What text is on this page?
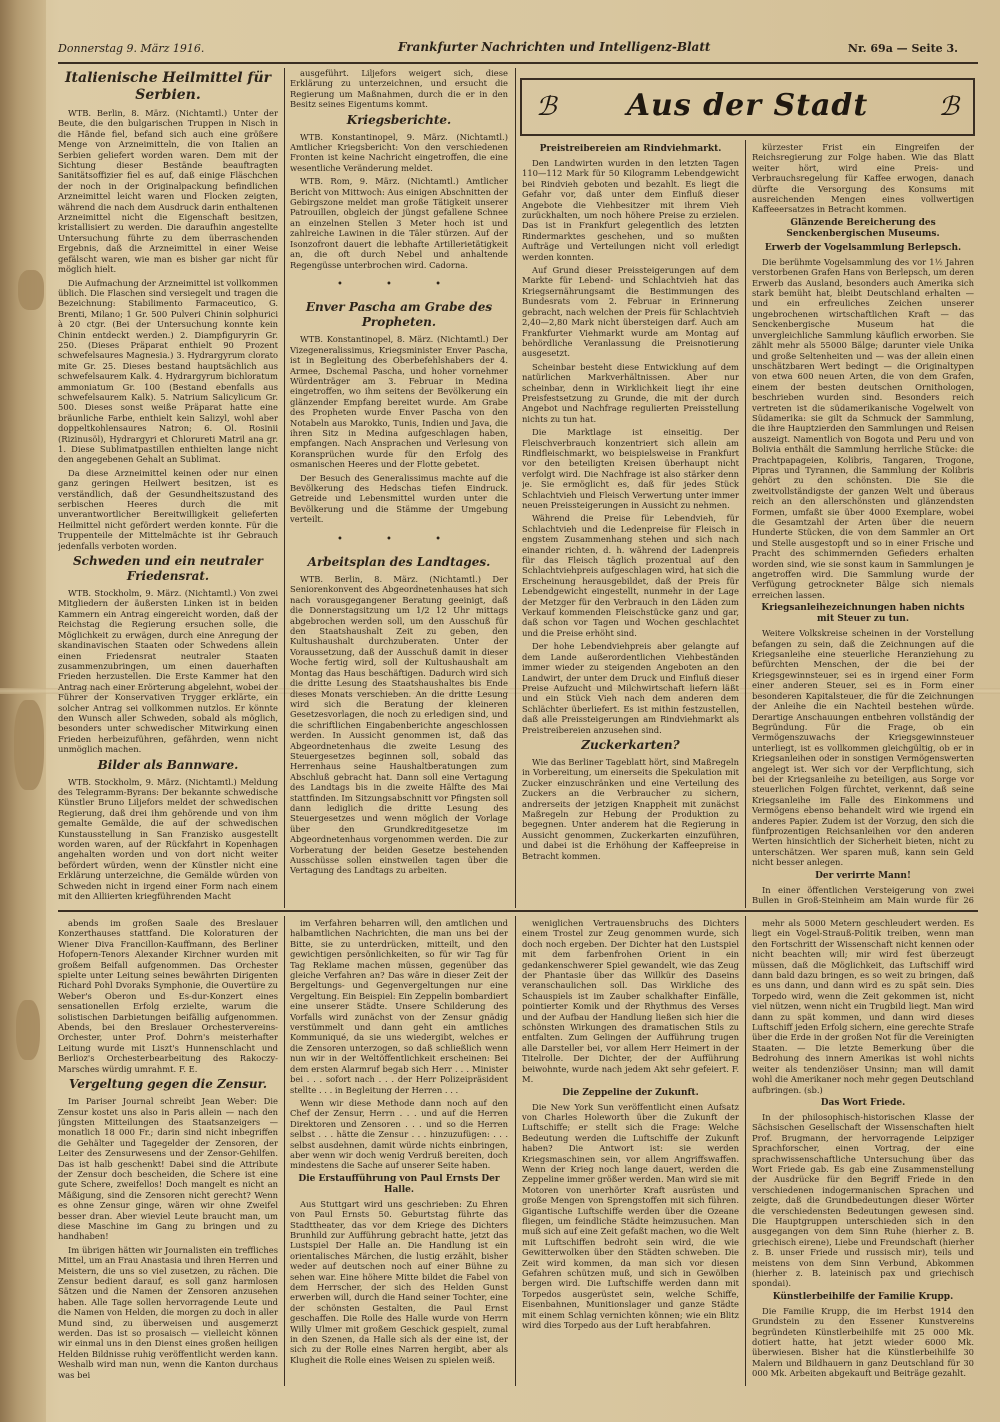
Donnerstag 9. März 1916.	Frankfurter Nachrichten und Intelligenz-Blatt	Nr. 69a — Seite 3.
ℬ	Aus der Stadt	ℬ
Italienische Heilmittel für Serbien.

WTB. Berlin, 8. März. (Nichtamtl.) Unter der Beute, die den bulgarischen Truppen in Nisch in die Hände fiel, befand sich auch eine größere Menge von Arzneimitteln, die von Italien an Serbien geliefert worden waren. Dem mit der Sichtung dieser Bestände beauftragten Sanitätsoffizier fiel es auf, daß einige Fläschchen der noch in der Originalpackung befindlichen Arzneimittel leicht waren und Flocken zeigten, während die nach dem Ausdruck darin enthaltenen Arzneimittel nicht die Eigenschaft besitzen, kristallisiert zu werden. Die daraufhin angestellte Untersuchung führte zu dem überraschenden Ergebnis, daß die Arzneimittel in einer Weise gefälscht waren, wie man es bisher gar nicht für möglich hielt.

Die Aufmachung der Arzneimittel ist vollkommen üblich. Die Flaschen sind versiegelt und tragen die Bezeichnung: Stabilimento Farmaceutico, G. Brenti, Milano; 1 Gr. 500 Pulveri Chinin solphurici à 20 ctgr. (Bei der Untersuchung konnte kein Chinin entdeckt werden.) 2. Diampfiguryrin Gr. 250. (Dieses Präparat enthielt 90 Prozent schwefelsaures Magnesia.) 3. Hydrargyrum clorato mite Gr. 25. Dieses bestand hauptsächlich aus schwefelsaurem Kalk. 4. Hydrargyrum bichloratum ammoniatum Gr. 100 (Bestand ebenfalls aus schwefelsaurem Kalk). 5. Natrium Salicylicum Gr. 500. Dieses sonst weiße Präparat hatte eine bräunliche Farbe, enthielt kein Salizyl, wohl aber doppeltkohlensaures Natron; 6. Ol. Rosinii (Rizinusöl), Hydrargyri et Chlorureti Matril ana gr. 1. Diese Sublimatpastillen enthielten lange nicht den angegebenen Gehalt an Sublimat.

Da diese Arzneimittel keinen oder nur einen ganz geringen Heilwert besitzen, ist es verständlich, daß der Gesundheitszustand des serbischen Heeres durch die mit unverantwortlicher Bereitwilligkeit gelieferten Heilmittel nicht gefördert werden konnte. Für die Truppenteile der Mittelmächte ist ihr Gebrauch jedenfalls verboten worden.

Schweden und ein neutraler Friedensrat.

WTB. Stockholm, 9. März. (Nichtamtl.) Von zwei Mitgliedern der äußersten Linken ist in beiden Kammern ein Antrag eingereicht worden, daß der Reichstag die Regierung ersuchen solle, die Möglichkeit zu erwägen, durch eine Anregung der skandinavischen Staaten oder Schwedens allein einen Friedensrat neutraler Staaten zusammenzubringen, um einen dauerhaften Frieden herzustellen. Die Erste Kammer hat den Antrag nach einer Erörterung abgelehnt, wobei der Führer der Konservativen Trygger erklärte, ein solcher Antrag sei vollkommen nutzlos. Er könnte den Wunsch aller Schweden, sobald als möglich, besonders unter schwedischer Mitwirkung einen Frieden herbeizuführen, gefährden, wenn nicht unmöglich machen.

Bilder als Bannware.

WTB. Stockholm, 9. März. (Nichtamtl.) Meldung des Telegramm-Byrans: Der bekannte schwedische Künstler Bruno Liljefors meldet der schwedischen Regierung, daß drei ihm gehörende und von ihm gemalte Gemälde, die auf der schwedischen Kunstausstellung in San Franzisko ausgestellt worden waren, auf der Rückfahrt in Kopenhagen angehalten worden und von dort nicht weiter befördert würden, wenn der Künstler nicht eine Erklärung unterzeichne, die Gemälde würden von Schweden nicht in irgend einer Form nach einem mit den Alliierten kriegführenden Macht

ausgeführt. Liljefors weigert sich, diese Erklärung zu unterzeichnen, und ersucht die Regierung um Maßnahmen, durch die er in den Besitz seines Eigentums kommt.

Kriegsberichte.

WTB. Konstantinopel, 9. März. (Nichtamtl.) Amtlicher Kriegsbericht: Von den verschiedenen Fronten ist keine Nachricht eingetroffen, die eine wesentliche Veränderung meldet.

WTB. Rom, 9. März. (Nichtamtl.) Amtlicher Bericht von Mittwoch: Aus einigen Abschnitten der Gebirgszone meldet man große Tätigkeit unserer Patrouillen, obgleich der jüngst gefallene Schnee an einzelnen Stellen 3 Meter hoch ist und zahlreiche Lawinen in die Täler stürzen. Auf der Isonzofront dauert die lebhafte Artillerietätigkeit an, die oft durch Nebel und anhaltende Regengüsse unterbrochen wird. Cadorna.

• • •
Enver Pascha am Grabe des Propheten.

WTB. Konstantinopel, 8. März. (Nichtamtl.) Der Vizegeneralissimus, Kriegsminister Enver Pascha, ist in Begleitung des Oberbefehlshabers der 4. Armee, Dschemal Pascha, und hoher vornehmer Würdenträger am 3. Februar in Medina eingetroffen, wo ihm seitens der Bevölkerung ein glänzender Empfang bereitet wurde. Am Grabe des Propheten wurde Enver Pascha von den Notabeln aus Marokko, Tunis, Indien und Java, die ihren Sitz in Medina aufgeschlagen haben, empfangen. Nach Ansprachen und Verlesung von Koransprüchen wurde für den Erfolg des osmanischen Heeres und der Flotte gebetet.

Der Besuch des Generalissimus machte auf die Bevölkerung des Hedschas tiefen Eindruck. Getreide und Lebensmittel wurden unter die Bevölkerung und die Stämme der Umgebung verteilt.

• • •
Arbeitsplan des Landtages.

WTB. Berlin, 8. März. (Nichtamtl.) Der Seniorenkonvent des Abgeordnetenhauses hat sich nach vorausgegangener Beratung geeinigt, daß die Donnerstagsitzung um 1/2 12 Uhr mittags abgebrochen werden soll, um den Ausschuß für den Staatshaushalt Zeit zu geben, den Kultushaushalt durchzuberaten. Unter der Voraussetzung, daß der Ausschuß damit in dieser Woche fertig wird, soll der Kultushaushalt am Montag das Haus beschäftigen. Dadurch wird sich die dritte Lesung des Staatshaushaltes bis Ende dieses Monats verschieben. An die dritte Lesung wird sich die Beratung der kleineren Gesetzesvorlagen, die noch zu erledigen sind, und die schriftlichen Eingabenberichte angeschlossen werden. In Aussicht genommen ist, daß das Abgeordnetenhaus die zweite Lesung des Steuergesetzes beginnen soll, sobald das Herrenhaus seine Haushaltberatungen zum Abschluß gebracht hat. Dann soll eine Vertagung des Landtags bis in die zweite Hälfte des Mai stattfinden. Im Sitzungsabschnitt vor Pfingsten soll dann lediglich die dritte Lesung des Steuergesetzes und wenn möglich der Vorlage über den Grundkreditgesetze im Abgeordnetenhaus vorgenommen werden. Die zur Vorberatung der beiden Gesetze bestehenden Ausschüsse sollen einstweilen tagen über die Vertagung des Landtags zu arbeiten.

Preistreibereien am Rindviehmarkt.

Den Landwirten wurden in den letzten Tagen 110—112 Mark für 50 Kilogramm Lebendgewicht bei Rindvieh geboten und bezahlt. Es liegt die Gefahr vor, daß unter dem Einfluß dieser Angebote die Viehbesitzer mit ihrem Vieh zurückhalten, um noch höhere Preise zu erzielen. Das ist in Frankfurt gelegentlich des letzten Rindermarktes geschehen, und so mußten Aufträge und Verteilungen nicht voll erledigt werden konnten.

Auf Grund dieser Preissteigerungen auf dem Markte für Lebend- und Schlachtvieh hat das Kriegsernährungsamt die Bestimmungen des Bundesrats vom 2. Februar in Erinnerung gebracht, nach welchen der Preis für Schlachtvieh 2,40—2,80 Mark nicht übersteigen darf. Auch am Frankfurter Viehmarkt wurde am Montag auf behördliche Veranlassung die Preisnotierung ausgesetzt.

Scheinbar besteht diese Entwicklung auf dem natürlichen Markverhältnissen. Aber nur scheinbar, denn in Wirklichkeit liegt ihr eine Preisfestsetzung zu Grunde, die mit der durch Angebot und Nachfrage regulierten Preisstellung nichts zu tun hat.

Die Marktlage ist einseitig. Der Fleischverbrauch konzentriert sich allein am Rindfleischmarkt, wo beispielsweise in Frankfurt vor den beteiligten Kreisen überhaupt nicht verfolgt wird. Die Nachfrage ist also stärker denn je. Sie ermöglicht es, daß für jedes Stück Schlachtvieh und Fleisch Verwertung unter immer neuen Preissteigerungen in Aussicht zu nehmen.

Während die Preise für Lebendvieh, für Schlachtvieh und die Ledenpreise für Fleisch in engstem Zusammenhang stehen und sich nach einander richten, d. h. während der Ladenpreis für das Fleisch täglich prozentual auf den Schlachtviehpreis aufgeschlagen wird, hat sich die Erscheinung herausgebildet, daß der Preis für Lebendgewicht eingestellt, nunmehr in der Lage der Metzger für den Verbrauch in den Läden zum Verkauf kommenden Fleischstücke ganz und gar, daß schon vor Tagen und Wochen geschlachtet und die Preise erhöht sind.

Der hohe Lebendviehpreis aber gelangte auf dem Lande außerordentlichen Viehbeständen immer wieder zu steigenden Angeboten an den Landwirt, der unter dem Druck und Einfluß dieser Preise Aufzucht und Milchwirtschaft liefern läßt und ein Stück Vieh nach dem anderen dem Schlächter überliefert. Es ist mithin festzustellen, daß alle Preissteigerungen am Rindviehmarkt als Preistreibereien anzusehen sind.

Zuckerkarten?

Wie das Berliner Tageblatt hört, sind Maßregeln in Vorbereitung, um einerseits die Spekulation mit Zucker einzuschränken und eine Verteilung des Zuckers an die Verbraucher zu sichern, andrerseits der jetzigen Knappheit mit zunächst Maßregeln zur Hebung der Produktion zu begegnen. Unter anderem hat die Regierung in Aussicht genommen, Zuckerkarten einzuführen, und dabei ist die Erhöhung der Kaffeepreise in Betracht kommen.

kürzester Frist ein Eingreifen der Reichsregierung zur Folge haben. Wie das Blatt weiter hört, wird eine Preis- und Verbrauchsregelung für Kaffee erwogen, danach dürfte die Versorgung des Konsums mit ausreichenden Mengen eines vollwertigen Kaffeeersatzes in Betracht kommen.

Glänzende Bereicherung des Senckenbergischen Museums.
Erwerb der Vogelsammlung Berlepsch.

Die berühmte Vogelsammlung des vor 1½ Jahren verstorbenen Grafen Hans von Berlepsch, um deren Erwerb das Ausland, besonders auch Amerika sich stark bemüht hat, bleibt Deutschland erhalten — und ein erfreuliches Zeichen unserer ungebrochenen wirtschaftlichen Kraft — das Senckenbergische Museum hat die unvergleichliche Sammlung käuflich erworben. Sie zählt mehr als 55000 Bälge; darunter viele Unika und große Seltenheiten und — was der allein einen unschätzbaren Wert bedingt — die Originaltypen von etwa 600 neuen Arten, die von dem Grafen, einem der besten deutschen Ornithologen, beschrieben wurden sind. Besonders reich vertreten ist die südamerikanische Vogelwelt von Südamerika: sie gilt da Schmuck der Sammlung, die ihre Hauptzierden den Sammlungen und Reisen auszeigt. Namentlich von Bogota und Peru und von Bolivia enthält die Sammlung herrliche Stücke: die Prachtpapageien, Kolibris, Tangaren, Trogone, Pipras und Tyrannen, die Sammlung der Kolibris gehört zu den schönsten. Die Sie die zweitvollständigste der ganzen Welt und überaus reich an den allerschönsten und glänzendsten Formen, umfaßt sie über 4000 Exemplare, wobei die Gesamtzahl der Arten über die neuern Hunderte Stücken, die von dem Sammler an Ort und Stelle ausgestopft und so in einer Frische und Pracht des schimmernden Gefieders erhalten worden sind, wie sie sonst kaum in Sammlungen je angetroffen wird. Die Sammlung wurde der Verfügung getrockneter Bälge sich niemals erreichen lassen.

Kriegsanleihezeichnungen haben nichts mit Steuer zu tun.

Weitere Volkskreise scheinen in der Vorstellung befangen zu sein, daß die Zeichnungen auf die Kriegsanleihe eine steuerliche Heranziehung zu befürchten Menschen, der die bei der Kriegsgewinnsteuer, sei es in irgend einer Form einer anderen Steuer, sei es in Form einer besonderen Kapitalsteuer, die für die Zeichnungen der Anleihe die ein Nachteil bestehen würde. Derartige Anschauungen entbehren vollständig der Begründung. Für die Frage, ob ein Vermögenszuwachs der Kriegsgewinnsteuer unterliegt, ist es vollkommen gleichgültig, ob er in Kriegsanleihen oder in sonstigen Vermögenswerten angelegt ist. Wer sich vor der Verpflichtung, sich bei der Kriegsanleihe zu beteiligen, aus Sorge vor steuerlichen Folgen fürchtet, verkennt, daß seine Kriegsanleihe im Falle des Einkommens und Vermögens ebenso behandelt wird wie irgend ein anderes Papier. Zudem ist der Vorzug, den sich die fünfprozentigen Reichsanleihen vor den anderen Werten hinsichtlich der Sicherheit bieten, nicht zu unterschätzen. Wer sparen muß, kann sein Geld nicht besser anlegen.

Der verirrte Mann!

In einer öffentlichen Versteigerung von zwei Bullen in Groß-Steinheim am Main wurde für 26

abends im großen Saale des Breslauer Konzerthauses stattfand. Die Koloraturen der Wiener Diva Francillon-Kauffmann, des Berliner Hofopern-Tenors Alexander Kirchner wurden mit großem Beifall aufgenommen. Das Orchester spielte unter Leitung seines bewährten Dirigenten Richard Pohl Dvoraks Symphonie, die Ouvertüre zu Weber's Oberon und Es-dur-Konzert eines sensationellen Erfolg erzielte, warum die solistischen Darbietungen beifällig aufgenommen. Abends, bei den Breslauer Orchestervereins-Orchester, unter Prof. Dohrn's meisterhafter Leitung wurde mit Liszt's Hunnenschlacht und Berlioz's Orchesterbearbeitung des Rakoczy-Marsches würdig umrahmt. F. E.

Vergeltung gegen die Zensur.

Im Pariser Journal schreibt Jean Weber: Die Zensur kostet uns also in Paris allein — nach den jüngsten Mitteilungen des Staatsanzeigers — monatlich 18 000 Fr.; darin sind nicht inbegriffen die Gehälter und Tagegelder der Zensoren, der Leiter des Zensurwesens und der Zensor-Gehilfen. Das ist halb geschenkt! Dabei sind die Attribute der Zensur doch bescheiden, die Schere ist eine gute Schere, zweifellos! Doch mangelt es nicht an Mäßigung, sind die Zensoren nicht gerecht? Wenn es ohne Zensur ginge, wären wir ohne Zweifel besser dran. Aber wieviel Leute braucht man, um diese Maschine im Gang zu bringen und zu handhaben!

Im übrigen hätten wir Journalisten ein treffliches Mittel, um an Frau Anastasia und ihren Herren und Meistern, die uns so viel zusetzen, zu rächen. Die Zensur bedient darauf, es soll ganz harmlosen Sätzen und die Namen der Zensoren anzusehen haben. Alle Tage sollen hervorragende Leute und die Namen von Helden, die morgen zu doch in aller Mund sind, zu überweisen und ausgemerzt werden. Das ist so prosaisch — vielleicht können wir einmal uns in den Dienst eines großen heiligen Helden Bildnisse ruhig veröffentlicht werden kann. Weshalb wird man nun, wenn die Kanton durchaus was bei

im Verfahren beharren will, den amtlichen und halbamtlichen Nachrichten, die man uns bei der Bitte, sie zu unterdrücken, mitteilt, und den gewichtigen persönlichkeiten, so für wir Tag für Tag Reklame machen müssen, gegenüber das gleiche Verfahren an? Das wäre in dieser Zeit der Bergeltungs- und Gegenvergeltungen nur eine Vergeltung. Ein Beispiel: Ein Zeppelin bombardiert eine unserer Städte. Unsere Schilderung des Vorfalls wird zunächst von der Zensur gnädig verstümmelt und dann geht ein amtliches Kommuniqué, da sie uns wiedergibt, welches er die Zensoren unterzogen, so daß schließlich wenn nun wir in der Weltöffentlichkeit erscheinen: Bei dem ersten Alarmruf begab sich Herr . . . Minister bei . . . sofort nach . . . der Herr Polizeipräsident stellte . . . in Begleitung der Herren . . .

Wenn wir diese Methode dann noch auf den Chef der Zensur, Herrn . . . und auf die Herren Direktoren und Zensoren . . . und so die Herren selbst . . . hätte die Zensur . . . hinzuzufügen: . . . selbst ausdehnen, damit würde nichts einbringen, aber wenn wir doch wenig Verdruß bereiten, doch mindestens die Sache auf unserer Seite haben.

Die Erstaufführung von Paul Ernsts Der Halle.

Aus Stuttgart wird uns geschrieben: Zu Ehren von Paul Ernsts 50. Geburtstag führte das Stadttheater, das vor dem Kriege des Dichters Brunhild zur Aufführung gebracht hatte, jetzt das Lustspiel Der Halle an. Die Handlung ist ein orientalisches Märchen, die lustig erzählt, bisher weder auf deutschen noch auf einer Bühne zu sehen war. Eine höhere Mitte bildet die Fabel von dem Herrscher, der sich des Helden Gunst erwerben will, durch die Hand seiner Tochter, eine der schönsten Gestalten, die Paul Ernst geschaffen. Die Rolle des Halle wurde von Herrn Willy Ulmer mit großem Geschick gespielt, zumal in den Szenen, da Halle sich als der eine ist, der sich zu der Rolle eines Narren hergibt, aber als Klugheit die Rolle eines Weisen zu spielen weiß.

weniglichen Vertrauensbruchs des Dichters einem Trostel zur Zeug genommen wurde, sich doch noch ergeben. Der Dichter hat den Lustspiel mit dem farbenfrohen Orient in ein gedankenschwerer Spiel gewandelt, wie das Zeug der Phantasie über das Willkür des Daseins veranschaulichen soll. Das Wirkliche des Schauspiels ist im Zauber schalkhafter Einfälle, pointierter Komik und der Rhythmus des Verses und der Aufbau der Handlung ließen sich hier die schönsten Wirkungen des dramatischen Stils zu entfalten. Zum Gelingen der Aufführung trugen alle Darsteller bei, vor allem Herr Heimert in der Titelrolle. Der Dichter, der der Aufführung beiwohnte, wurde nach jedem Akt sehr gefeiert. F. M.

Die Zeppeline der Zukunft.

Die New York Sun veröffentlicht einen Aufsatz von Charles Holeworth über die Zukunft der Luftschiffe; er stellt sich die Frage: Welche Bedeutung werden die Luftschiffe der Zukunft haben? Die Antwort ist: sie werden Kriegsmaschinen sein, vor allem Angriffswaffen. Wenn der Krieg noch lange dauert, werden die Zeppeline immer größer werden. Man wird sie mit Motoren von unerhörter Kraft ausrüsten und große Mengen von Sprengstoffen mit sich führen. Gigantische Luftschiffe werden über die Ozeane fliegen, um feindliche Städte heimzusuchen. Man muß sich auf eine Zeit gefaßt machen, wo die Welt mit Luftschiffen bedroht sein wird, die wie Gewitterwolken über den Städten schweben. Die Zeit wird kommen, da man sich vor diesen Gefahren schützen muß, und sich in Gewölben bergen wird. Die Luftschiffe werden dann mit Torpedos ausgerüstet sein, welche Schiffe, Eisenbahnen, Munitionslager und ganze Städte mit einem Schlag vernichten können; wie ein Blitz wird dies Torpedo aus der Luft herabfahren.

mehr als 5000 Metern geschleudert werden. Es liegt ein Vogel-Strauß-Politik treiben, wenn man den Fortschritt der Wissenschaft nicht kennen oder nicht beachten will; mir wird fest überzeugt müssen, daß die Möglichkeit, das Luftschiff wird dann bald dazu bringen, es so weit zu bringen, daß es uns dann, und dann wird es zu spät sein. Dies Torpedo wird, wenn die Zeit gekommen ist, nicht viel nützen, wenn nicht ein Trugbild liegt. Man wird dann zu spät kommen, und dann wird dieses Luftschiff jeden Erfolg sichern, eine gerechte Strafe über die Erde in der großen Not für die Vereinigten Staaten. — Die letzte Bemerkung über die Bedrohung des innern Amerikas ist wohl nichts weiter als tendenziöser Unsinn; man will damit wohl die Amerikaner noch mehr gegen Deutschland aufbringen. (sb.)

Das Wort Friede.

In der philosophisch-historischen Klasse der Sächsischen Gesellschaft der Wissenschaften hielt Prof. Brugmann, der hervorragende Leipziger Sprachforscher, einen Vortrag, der eine sprachwissenschaftliche Untersuchung über das Wort Friede gab. Es gab eine Zusammenstellung der Ausdrücke für den Begriff Friede in den verschiedenen indogermanischen Sprachen und zeigte, daß die Grundbedeutungen dieser Wörter die verschiedensten Bedeutungen gewesen sind. Die Hauptgruppen unterschieden sich in den ausgegangen von dem Sinn Ruhe (hierher z. B. griechisch eirene), Liebe und Freundschaft (hierher z. B. unser Friede und russisch mir), teils und meistens von dem Sinn Verbund, Abkommen (hierher z. B. lateinisch pax und griechisch spondai).

Künstlerbeihilfe der Familie Krupp.

Die Familie Krupp, die im Herbst 1914 den Grundstein zu den Essener Kunstvereins begründeten Künstlerbeihilfe mit 25 000 Mk. dotiert hatte, hat jetzt wieder 6000 Mk. überwiesen. Bisher hat die Künstlerbeihilfe 30 Malern und Bildhauern in ganz Deutschland für 30 000 Mk. Arbeiten abgekauft und Beiträge gezahlt.
